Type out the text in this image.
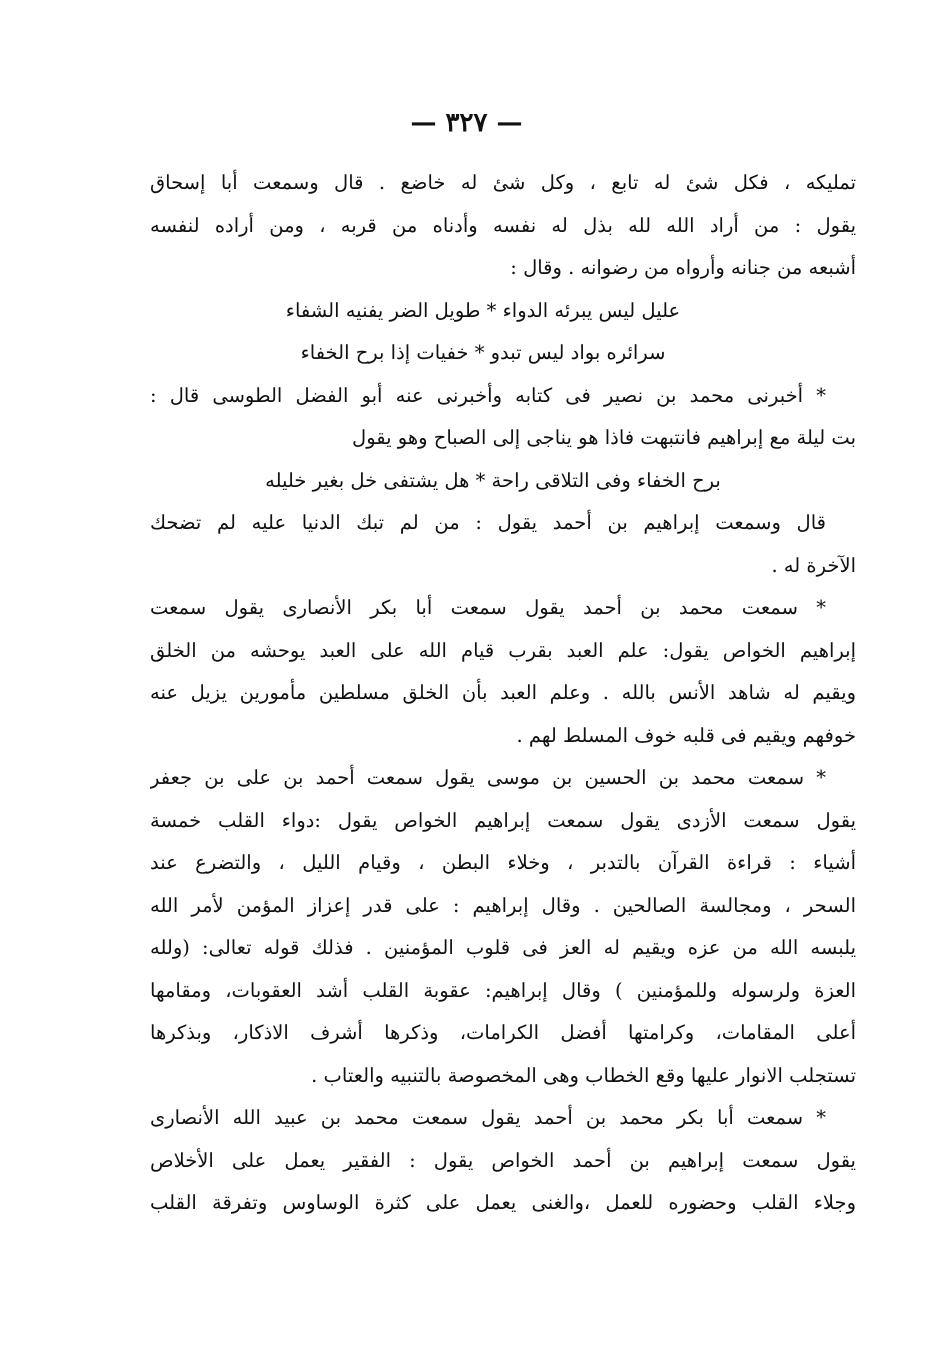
— ٣٢٧ —
تمليكه ، فكل شئ له تابع ، وكل شئ له خاضع . قال وسمعت أبا إسحاق
يقول : من أراد الله لله بذل له نفسه وأدناه من قربه ، ومن أراده لنفسه
أشبعه من جنانه وأرواه من رضوانه . وقال :
عليل ليس يبرئه الدواء * طويل الضر يفنيه الشفاء
سرائره بواد ليس تبدو * خفيات إذا برح الخفاء
* أخبرنى محمد بن نصير فى كتابه وأخبرنى عنه أبو الفضل الطوسى قال :
بت ليلة مع إبراهيم فانتبهت فاذا هو يناجى إلى الصباح وهو يقول
برح الخفاء وفى التلاقى راحة * هل يشتفى خل بغير خليله
قال وسمعت إبراهيم بن أحمد يقول : من لم تبك الدنيا عليه لم تضحك
الآخرة له .
* سمعت محمد بن أحمد يقول سمعت أبا بكر الأنصارى يقول سمعت
إبراهيم الخواص يقول: علم العبد بقرب قيام الله على العبد يوحشه من الخلق
ويقيم له شاهد الأنس بالله . وعلم العبد بأن الخلق مسلطين مأمورين يزيل عنه
خوفهم ويقيم فى قلبه خوف المسلط لهم .
* سمعت محمد بن الحسين بن موسى يقول سمعت أحمد بن على بن جعفر
يقول سمعت الأزدى يقول سمعت إبراهيم الخواص يقول :دواء القلب خمسة
أشياء : قراءة القرآن بالتدبر ، وخلاء البطن ، وقيام الليل ، والتضرع عند
السحر ، ومجالسة الصالحين . وقال إبراهيم : على قدر إعزاز المؤمن لأمر الله
يلبسه الله من عزه ويقيم له العز فى قلوب المؤمنين . فذلك قوله تعالى: (ولله
العزة ولرسوله وللمؤمنين ) وقال إبراهيم: عقوبة القلب أشد العقوبات، ومقامها
أعلى المقامات، وكرامتها أفضل الكرامات، وذكرها أشرف الاذكار، وبذكرها
تستجلب الانوار عليها وقع الخطاب وهى المخصوصة بالتنبيه والعتاب .
* سمعت أبا بكر محمد بن أحمد يقول سمعت محمد بن عبيد الله الأنصارى
يقول سمعت إبراهيم بن أحمد الخواص يقول : الفقير يعمل على الأخلاص
وجلاء القلب وحضوره للعمل ،والغنى يعمل على كثرة الوساوس وتفرقة القلب
